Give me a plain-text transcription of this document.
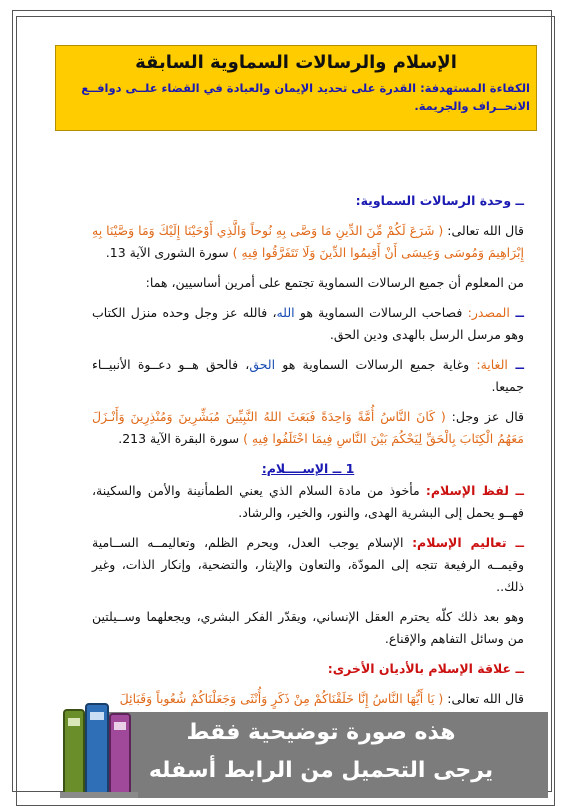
الإسلام والرسالات السماوية السابقة
الكفاءة المستهدفة: القدرة على تحديد الإيمان والعبادة في القضاء علــى دوافــع الانحــراف والجريمة.
ــ وحدة الرسالات السماوية:
قال الله تعالى: ( شَرَعَ لَكُمْ مِّنَ الدِّينِ مَا وَصَّى بِهِ نُوحاً وَالَّذِي أَوْحَيْنَا إِلَيْكَ وَمَا وَصَّيْنَا بِهِ إِبْرَاهِيمَ وَمُوسَى وَعِيسَى أَنْ أَقِيمُوا الدِّينَ وَلَا تَتَفَرَّقُوا فِيهِ ) سورة الشورى الآية 13.
من المعلوم أن جميع الرسالات السماوية تجتمع على أمرين أساسيين، هما:
ــ المصدر: فصاحب الرسالات السماوية هو الله، فالله عز وجل وحده منزل الكتاب وهو مرسل الرسل بالهدى ودين الحق.
ــ الغاية: وغاية جميع الرسالات السماوية هو الحق، فالحق هــو دعــوة الأنبيــاء جميعا.
قال عز وجل: ( كَانَ النَّاسُ أُمَّةً وَاحِدَةً فَبَعَثَ اللهُ النَّبِيِّينَ مُبَشِّرِينَ وَمُنْذِرِينَ وَأَنْـزَلَ مَعَهُمُ الْكِتَابَ بِالْحَقِّ لِيَحْكُمَ بَيْنَ النَّاسِ فِيمَا اخْتَلَفُوا فِيهِ ) سورة البقرة الآية 213.
1 ــ الإســــلام:
ــ لفظ الإسلام: مأخوذ من مادة السلام الذي يعني الطمأنينة والأمن والسكينة، فهــو يحمل إلى البشرية الهدى، والنور، والخير، والرشاد.
ــ تعاليم الإسلام: الإسلام يوجب العدل، ويحرم الظلم، وتعاليمــه الســامية وقيمــه الرفيعة تتجه إلى المودّة، والتعاون والإيثار، والتضحية، وإنكار الذات، وغير ذلك..
وهو بعد ذلك كلّه يحترم العقل الإنساني، ويقدّر الفكر البشري، ويجعلهما وســيلتين من وسائل التفاهم والإقناع.
ــ علاقة الإسلام بالأديان الأخرى:
قال الله تعالى: ( يَا أَيُّهَا النَّاسُ إِنَّا خَلَقْنَاكُمْ مِنْ ذَكَرٍ وَأُنْثَى وَجَعَلْنَاكُمْ شُعُوباً وَقَبَائِلَ
هذه صورة توضيحية فقط
يرجى التحميل من الرابط أسفله
